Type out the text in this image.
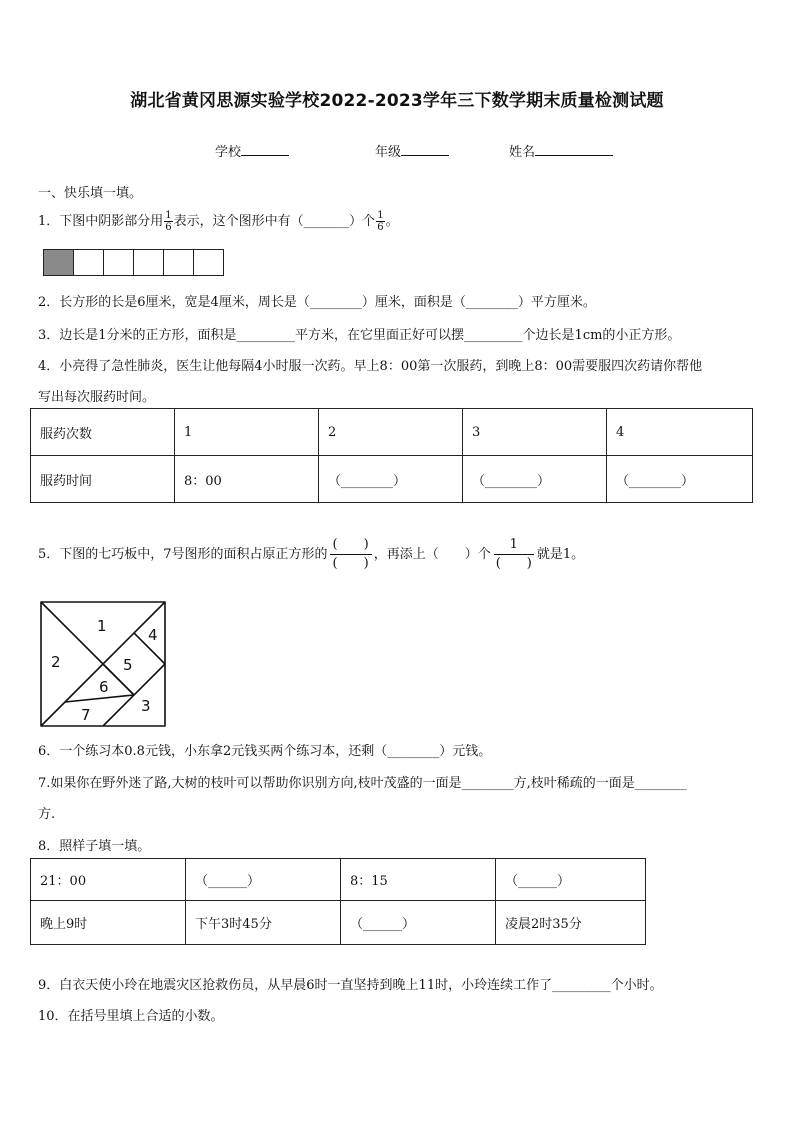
湖北省黄冈思源实验学校2022-2023学年三下数学期末质量检测试题
学校	年级	姓名
一、快乐填一填。
1．下图中阴影部分用 $\frac{1}{6}$ 表示，这个图形中有（_______）个 $\frac{1}{6}$ 。
2．长方形的长是6厘米，宽是4厘米，周长是（________）厘米，面积是（________）平方厘米。
3．边长是1分米的正方形，面积是_________平方米，在它里面正好可以摆_________个边长是1cm的小正方形。
4．小亮得了急性肺炎，医生让他每隔4小时服一次药。早上8：00第一次服药，到晚上8：00需要服四次药请你帮他
写出每次服药时间。
服药次数	1	2	3	4
服药时间	8：00	（________）	（________）	（________）
5．下图的七巧板中，7号图形的面积占原正方形的 $\frac{( )}{( )}$ ，再添上（　　）个 $\frac{1}{( )}$ 就是1。
1
2
3
4
5
6
7
6．一个练习本0.8元钱，小东拿2元钱买两个练习本，还剩（________）元钱。
7.如果你在野外迷了路,大树的枝叶可以帮助你识别方向,枝叶茂盛的一面是________方,枝叶稀疏的一面是________
方.
8．照样子填一填。
21：00	（______）	8：15	（______）
晚上9时	下午3时45分	（______）	凌晨2时35分
9．白衣天使小玲在地震灾区抢救伤员，从早晨6时一直坚持到晚上11时，小玲连续工作了_________个小时。
10．在括号里填上合适的小数。
